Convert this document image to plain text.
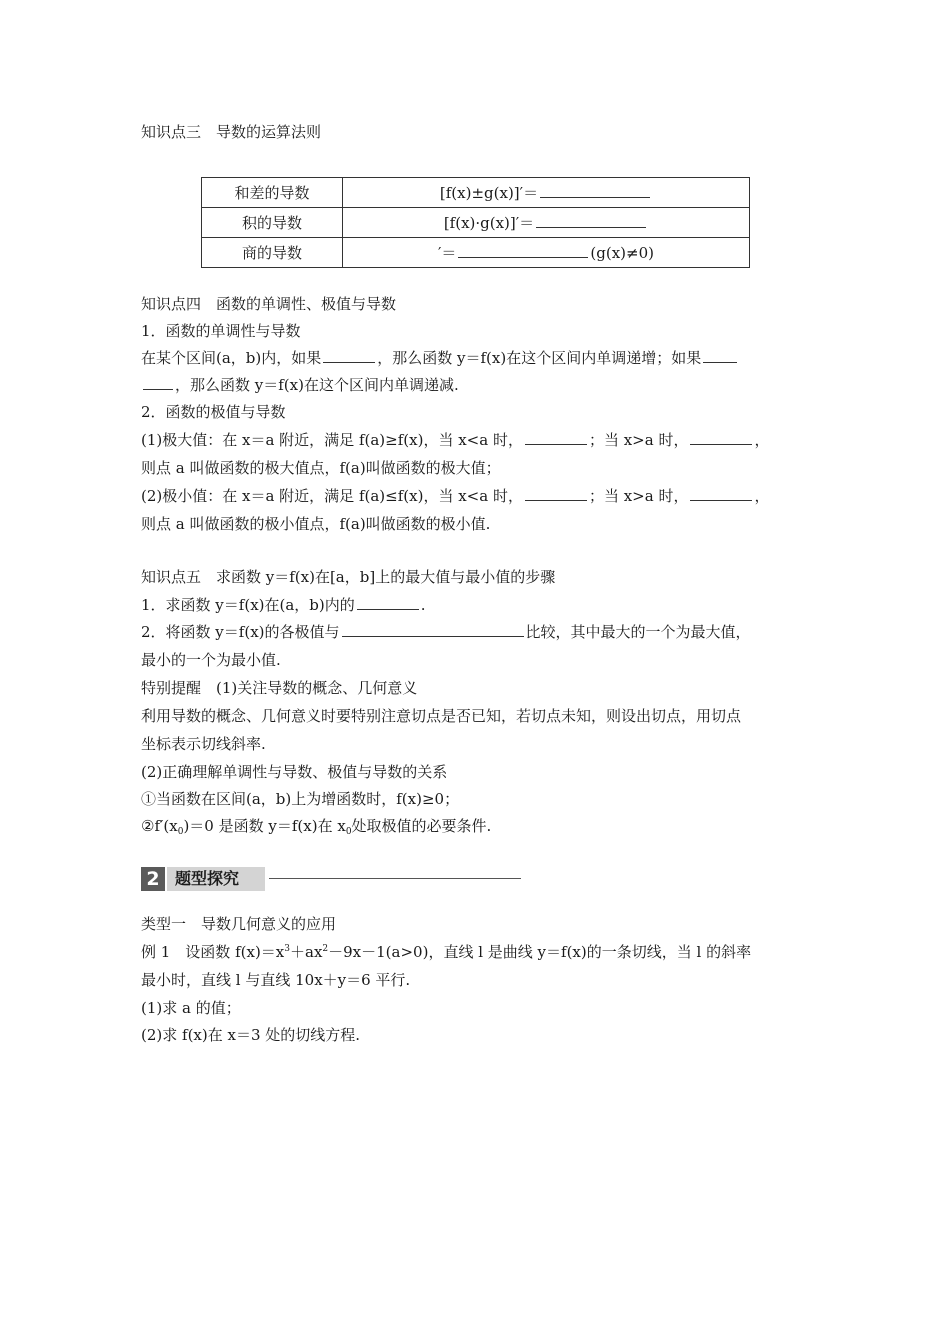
知识点三　导数的运算法则
和差的导数	[f(x)±g(x)]′＝
积的导数	[f(x)·g(x)]′＝
商的导数	′＝ (g(x)≠0)
知识点四　函数的单调性、极值与导数
1．函数的单调性与导数
在某个区间(a，b)内，如果	，那么函数 y＝f(x)在这个区间内单调递增；如果
，那么函数 y＝f(x)在这个区间内单调递减.
2．函数的极值与导数
(1)极大值：在 x＝a 附近，满足 f(a)≥f(x)，当 x<a 时，	；当 x>a 时，	，
则点 a 叫做函数的极大值点，f(a)叫做函数的极大值；
(2)极小值：在 x＝a 附近，满足 f(a)≤f(x)，当 x<a 时，	；当 x>a 时，	，
则点 a 叫做函数的极小值点，f(a)叫做函数的极小值.
知识点五　求函数 y＝f(x)在[a，b]上的最大值与最小值的步骤
1．求函数 y＝f(x)在(a，b)内的	.
2．将函数 y＝f(x)的各极值与	比较，其中最大的一个为最大值，
最小的一个为最小值.
特别提醒　(1)关注导数的概念、几何意义
利用导数的概念、几何意义时要特别注意切点是否已知，若切点未知，则设出切点，用切点
坐标表示切线斜率.
(2)正确理解单调性与导数、极值与导数的关系
①当函数在区间(a，b)上为增函数时，f(x)≥0；
$②f'(x_0)=0$ 是函数 y＝f(x)在 $x_0$处取极值的必要条件.
2 题型探究
类型一　导数几何意义的应用
例 1　设函数 $f(x)=x^3+ax^2-9x-1(a>0)$，直线 l 是曲线 y＝f(x)的一条切线，当 l 的斜率
最小时，直线 l 与直线 10x＋y＝6 平行.
(1)求 a 的值；
(2)求 f(x)在 x＝3 处的切线方程.
